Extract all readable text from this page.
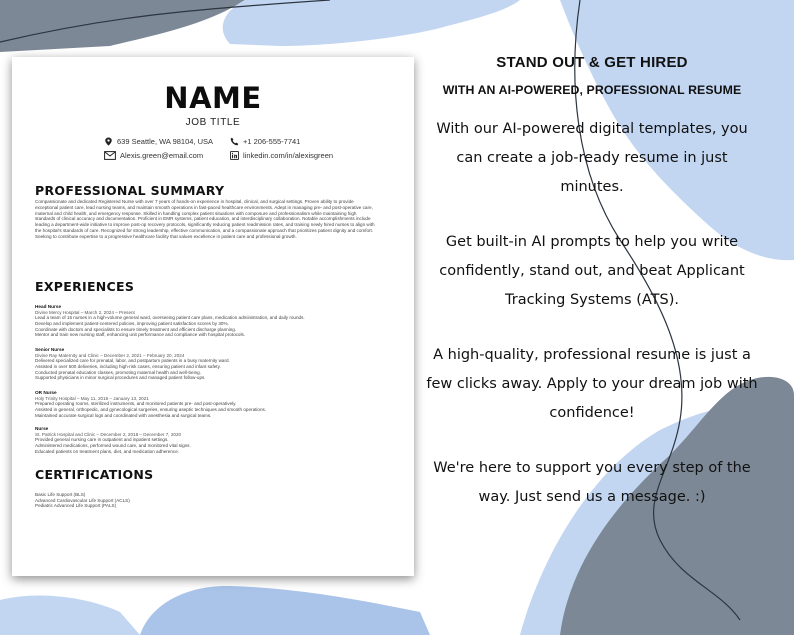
NAME
JOB TITLE
639 Seattle, WA 98104, USA	+1 206-555-7741
Alexis.green@email.com	linkedin.com/in/alexisgreen
PROFESSIONAL SUMMARY

Compassionate and dedicated Registered Nurse with over 7 years of hands-on experience in hospital, clinical, and surgical settings. Proven ability to provide exceptional patient care, lead nursing teams, and maintain smooth operations in fast-paced healthcare environments. Adept in managing pre- and post-operative care, maternal and child health, and emergency response. Skilled in handling complex patient situations with composure and professionalism while maintaining high standards of clinical accuracy and documentation. Proficient in EMR systems, patient education, and interdisciplinary collaboration. Notable accomplishments include leading a department-wide initiative to improve post-op recovery protocols, significantly reducing patient readmission rates, and training newly hired nurses to align with the hospital's standards of care. Recognized for strong leadership, effective communication, and a compassionate approach that prioritizes patient dignity and comfort. Seeking to contribute expertise to a progressive healthcare facility that values excellence in patient care and professional growth.

EXPERIENCES
Head Nurse
Divine Mercy Hospital – March 2, 2024 – Present
Lead a team of 15 nurses in a high-volume general ward, overseeing patient care plans, medication administration, and daily rounds.
Develop and implement patient-centered policies, improving patient satisfaction scores by 30%.
Coordinate with doctors and specialists to ensure timely treatment and efficient discharge planning.
Mentor and train new nursing staff, enhancing unit performance and compliance with hospital protocols.
Senior Nurse
Divine Ray Maternity and Clinic – December 2, 2021 – February 20, 2024
Delivered specialized care for prenatal, labor, and postpartum patients in a busy maternity ward.
Assisted in over 500 deliveries, including high-risk cases, ensuring patient and infant safety.
Conducted prenatal education classes, promoting maternal health and well-being.
Supported physicians in minor surgical procedures and managed patient follow-ups.
OR Nurse
Holy Trinity Hospital – May 11, 2016 – January 13, 2021
Prepared operating rooms, sterilized instruments, and monitored patients pre- and post-operatively.
Assisted in general, orthopedic, and gynecological surgeries, ensuring aseptic techniques and smooth operations.
Maintained accurate surgical logs and coordinated with anesthesia and surgical teams.
Nurse
St. Patrick Hospital and Clinic – December 2, 2018 – December 7, 2020
Provided general nursing care in outpatient and inpatient settings.
Administered medications, performed wound care, and monitored vital signs.
Educated patients on treatment plans, diet, and medication adherence.
CERTIFICATIONS
Basic Life Support (BLS)
Advanced Cardiovascular Life Support (ACLS)
Pediatric Advanced Life Support (PALS)
STAND OUT & GET HIRED
WITH AN AI-POWERED, PROFESSIONAL RESUME

With our AI-powered digital templates, you can create a job-ready resume in just minutes.

Get built-in AI prompts to help you write confidently, stand out, and beat Applicant Tracking Systems (ATS).

A high-quality, professional resume is just a few clicks away. Apply to your dream job with confidence!

We're here to support you every step of the way. Just send us a message. :)
